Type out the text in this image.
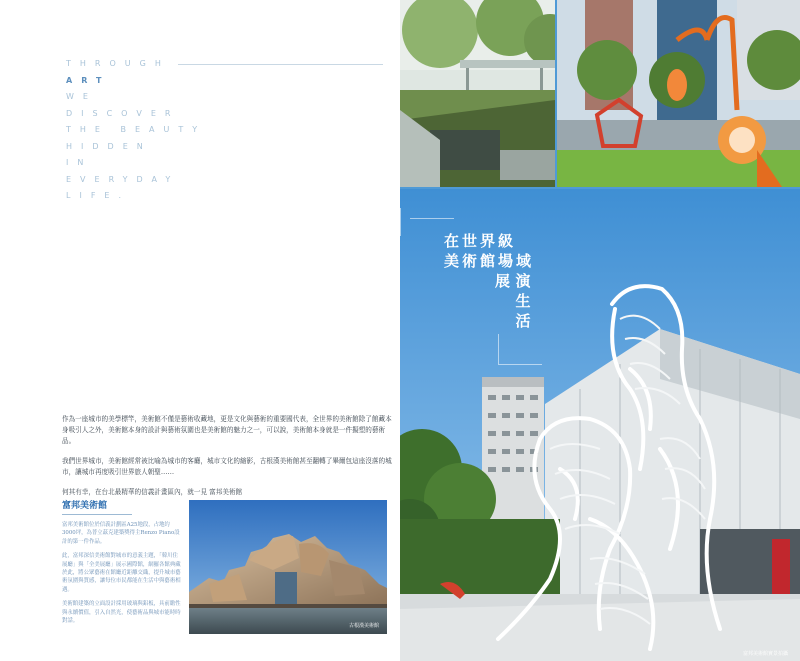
THROUGH
ART
WE
DISCOVER
THE BEAUTY
HIDDEN
IN
EVERYDAY
LIFE.

作為一座城市的美學標竿，美術館不僅是藝術收藏地，更是文化與藝術的重要國代表，全世界的美術館除了館藏本身吸引人之外，美術館本身的設計與藝術氛圍也是美術館的魅力之一，可以說，美術館本身就是一件擬塑的藝術品。

我們世界城市，美術館經常被比喻為城市的客廳，城市文化的縮影，古根漢美術館甚至翻轉了畢爾包這座沒落的城市，讓城市再度吸引世界旅人朝聖……

何其有幸，在台北最精華的信義計畫區內，就一見 富邦美術館

富邦美術館

富邦美術館位於信義計劃區A25地段，占地約3000坪，為普立茲克建築獎得主Renzo Piano設計的第一件作品。

此，富邦深信美術館對城市的意義主題，「韓川住展廳」與「全美展廳」展示國際館，網羅各館典藏於此，將公眾藝術在館廳近距離交織，提升城市藝術氛圍與質感，讓每位市民都能在生活中與藝術相遇。

美術館建築的立面設計採用玻璃與鋁板，具前瞻性與永續價值，引入自然光，使藝術品與城市能時時對話。

古根漢美術館
富邦美術館實景拍攝
在世界級
美術館場域
展 演生活
